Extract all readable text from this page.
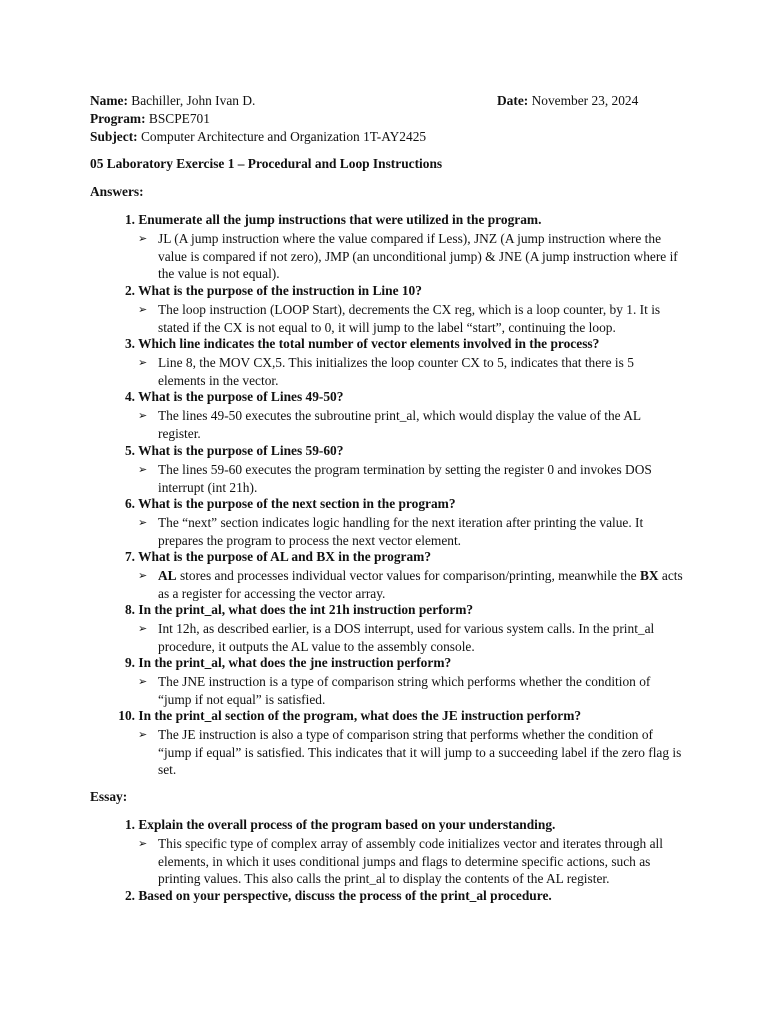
Name: Bachiller, John Ivan D.	Date: November 23, 2024
Program: BSCPE701
Subject: Computer Architecture and Organization 1T-AY2425
05 Laboratory Exercise 1 – Procedural and Loop Instructions
Answers:
1. Enumerate all the jump instructions that were utilized in the program.
➢ JL (A jump instruction where the value compared if Less), JNZ (A jump instruction where the value is compared if not zero), JMP (an unconditional jump) & JNE (A jump instruction where if the value is not equal).
2. What is the purpose of the instruction in Line 10?
➢ The loop instruction (LOOP Start), decrements the CX reg, which is a loop counter, by 1. It is stated if the CX is not equal to 0, it will jump to the label “start”, continuing the loop.
3. Which line indicates the total number of vector elements involved in the process?
➢ Line 8, the MOV CX,5. This initializes the loop counter CX to 5, indicates that there is 5 elements in the vector.
4. What is the purpose of Lines 49-50?
➢ The lines 49-50 executes the subroutine print_al, which would display the value of the AL register.
5. What is the purpose of Lines 59-60?
➢ The lines 59-60 executes the program termination by setting the register 0 and invokes DOS interrupt (int 21h).
6. What is the purpose of the next section in the program?
➢ The “next” section indicates logic handling for the next iteration after printing the value. It prepares the program to process the next vector element.
7. What is the purpose of AL and BX in the program?
➢ AL stores and processes individual vector values for comparison/printing, meanwhile the BX acts as a register for accessing the vector array.
8. In the print_al, what does the int 21h instruction perform?
➢ Int 12h, as described earlier, is a DOS interrupt, used for various system calls. In the print_al procedure, it outputs the AL value to the assembly console.
9. In the print_al, what does the jne instruction perform?
➢ The JNE instruction is a type of comparison string which performs whether the condition of “jump if not equal” is satisfied.
10. In the print_al section of the program, what does the JE instruction perform?
➢ The JE instruction is also a type of comparison string that performs whether the condition of “jump if equal” is satisfied. This indicates that it will jump to a succeeding label if the zero flag is set.
Essay:
1. Explain the overall process of the program based on your understanding.
➢ This specific type of complex array of assembly code initializes vector and iterates through all elements, in which it uses conditional jumps and flags to determine specific actions, such as printing values. This also calls the print_al to display the contents of the AL register.
2. Based on your perspective, discuss the process of the print_al procedure.
